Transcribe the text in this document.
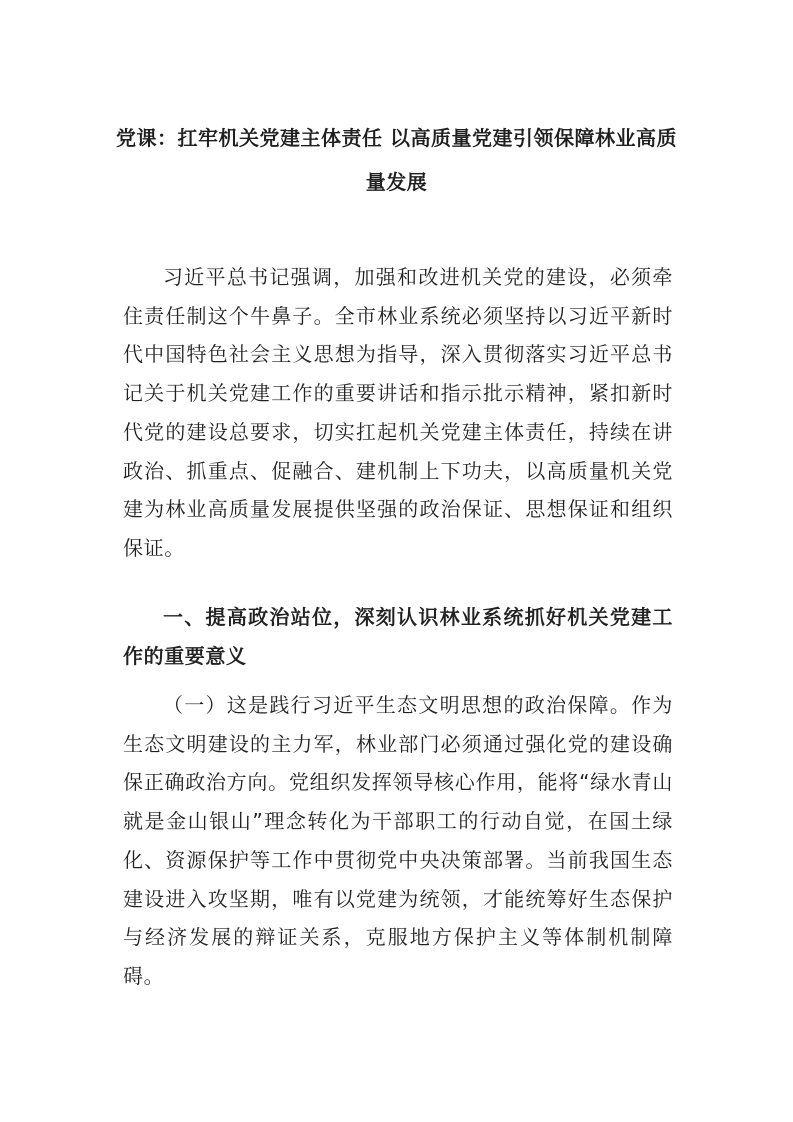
党课：扛牢机关党建主体责任 以高质量党建引领保障林业高质量发展

习近平总书记强调，加强和改进机关党的建设，必须牵住责任制这个牛鼻子。全市林业系统必须坚持以习近平新时代中国特色社会主义思想为指导，深入贯彻落实习近平总书记关于机关党建工作的重要讲话和指示批示精神，紧扣新时代党的建设总要求，切实扛起机关党建主体责任，持续在讲政治、抓重点、促融合、建机制上下功夫，以高质量机关党建为林业高质量发展提供坚强的政治保证、思想保证和组织保证。

一、提高政治站位，深刻认识林业系统抓好机关党建工作的重要意义

（一）这是践行习近平生态文明思想的政治保障。作为生态文明建设的主力军，林业部门必须通过强化党的建设确保正确政治方向。党组织发挥领导核心作用，能将“绿水青山就是金山银山”理念转化为干部职工的行动自觉，在国土绿化、资源保护等工作中贯彻党中央决策部署。当前我国生态建设进入攻坚期，唯有以党建为统领，才能统筹好生态保护与经济发展的辩证关系，克服地方保护主义等体制机制障碍。
